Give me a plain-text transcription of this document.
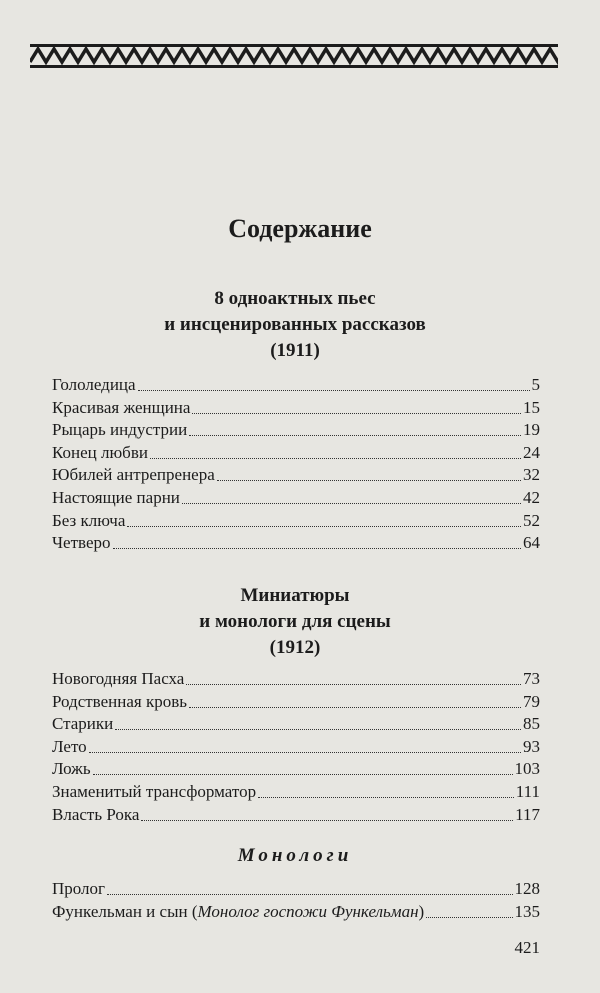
Содержание
8 одноактных пьес
и инсценированных рассказов
(1911)
Гололедица	5
Красивая женщина	15
Рыцарь индустрии	19
Конец любви	24
Юбилей антрепренера	32
Настоящие парни	42
Без ключа	52
Четверо	64
Миниатюры
и монологи для сцены
(1912)
Новогодняя Пасха	73
Родственная кровь	79
Старики	85
Лето	93
Ложь	103
Знаменитый трансформатор	111
Власть Рока	117
Монологи
Пролог	128
Функельман и сын (Монолог госпожи Функельман)	135
421
